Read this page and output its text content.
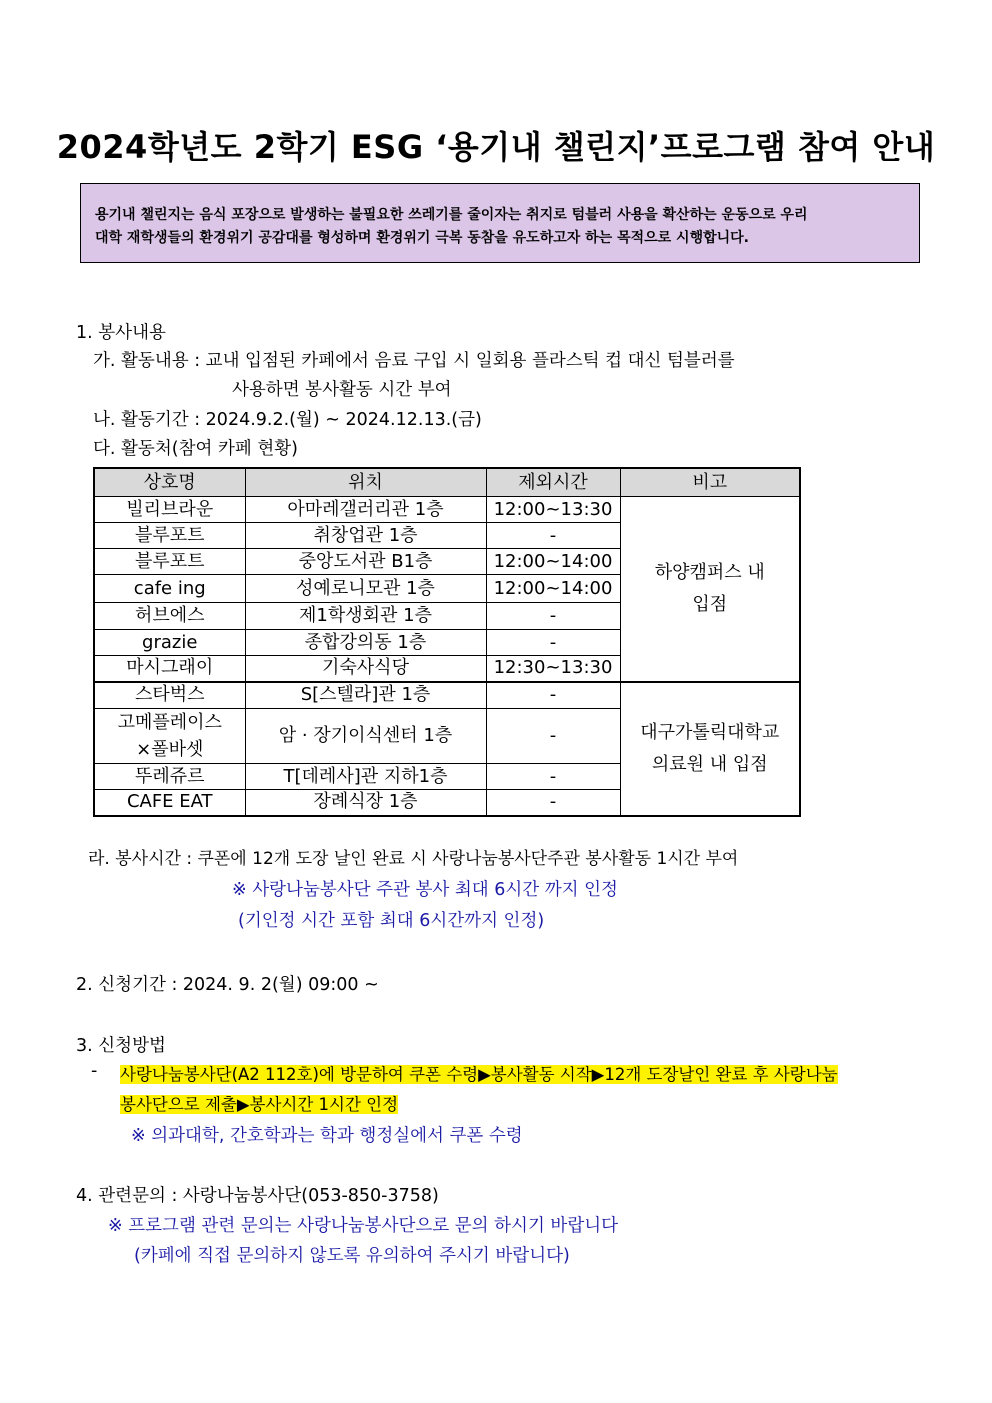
2024학년도 2학기 ESG ‘용기내 챌린지’프로그램 참여 안내
용기내 챌린지는 음식 포장으로 발생하는 불필요한 쓰레기를 줄이자는 취지로 텀블러 사용을 확산하는 운동으로 우리
대학 재학생들의 환경위기 공감대를 형성하며 환경위기 극복 동참을 유도하고자 하는 목적으로 시행합니다.
1. 봉사내용
가. 활동내용 : 교내 입점된 카페에서 음료 구입 시 일회용 플라스틱 컵 대신 텀블러를
사용하면 봉사활동 시간 부여
나. 활동기간 : 2024.9.2.(월) ~ 2024.12.13.(금)
다. 활동처(참여 카페 현황)
상호명	위치	제외시간	비고
빌리브라운	아마레갤러리관 1층	12:00~13:30	하양캠퍼스 내
입점

블루포트	취창업관 1층	-	
블루포트	중앙도서관 B1층	12:00~14:00	
cafe ing	성예로니모관 1층	12:00~14:00	
허브에스	제1학생회관 1층	-	
grazie	종합강의동 1층	-	
마시그래이	기숙사식당	12:30~13:30	
스타벅스	S[스텔라]관 1층	-	대구가톨릭대학교
의료원 내 입점

고메플레이스
×폴바셋	암 · 장기이식센터 1층	-	
뚜레쥬르	T[데레사]관 지하1층	-	
CAFE EAT	장례식장 1층	-	
라. 봉사시간 : 쿠폰에 12개 도장 날인 완료 시 사랑나눔봉사단주관 봉사활동 1시간 부여
※ 사랑나눔봉사단 주관 봉사 최대 6시간 까지 인정
(기인정 시간 포함 최대 6시간까지 인정)
2. 신청기간 : 2024. 9. 2(월) 09:00 ~
3. 신청방법
- 사랑나눔봉사단(A2 112호)에 방문하여 쿠폰 수령▶봉사활동 시작▶12개 도장날인 완료 후 사랑나눔
봉사단으로 제출▶봉사시간 1시간 인정
※ 의과대학, 간호학과는 학과 행정실에서 쿠폰 수령
4. 관련문의 : 사랑나눔봉사단(053-850-3758)
※ 프로그램 관련 문의는 사랑나눔봉사단으로 문의 하시기 바랍니다
(카페에 직접 문의하지 않도록 유의하여 주시기 바랍니다)
